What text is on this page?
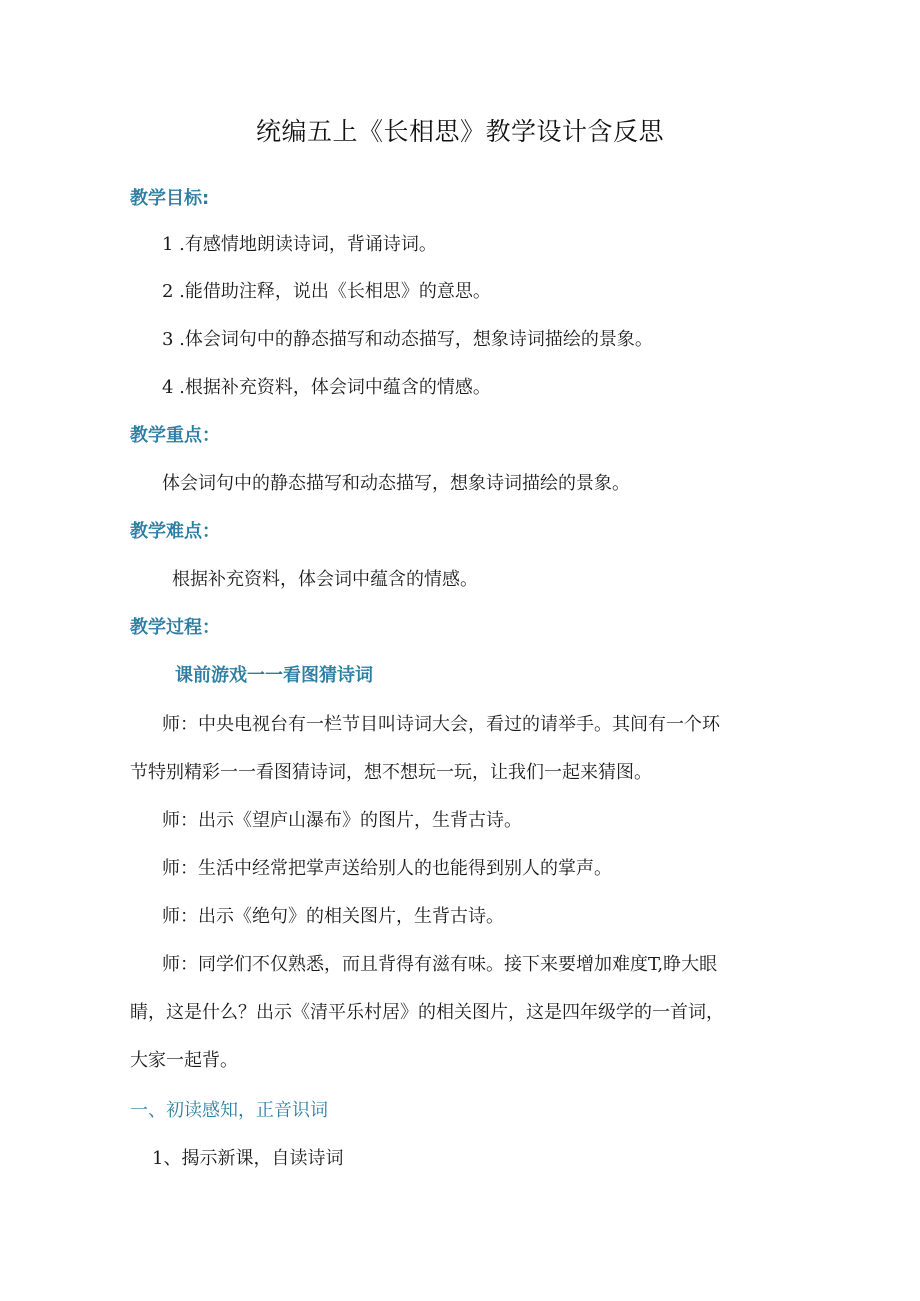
统编五上《长相思》教学设计含反思
教学目标:
1 .有感情地朗读诗词，背诵诗词。
2 .能借助注释，说出《长相思》的意思。
3 .体会词句中的静态描写和动态描写，想象诗词描绘的景象。
4 .根据补充资料，体会词中蕴含的情感。
教学重点：
体会词句中的静态描写和动态描写，想象诗词描绘的景象。
教学难点：
根据补充资料，体会词中蕴含的情感。
教学过程：
课前游戏一一看图猜诗词
师：中央电视台有一栏节目叫诗词大会，看过的请举手。其间有一个环
节特别精彩一一看图猜诗词，想不想玩一玩，让我们一起来猜图。
师：出示《望庐山瀑布》的图片，生背古诗。
师：生活中经常把掌声送给别人的也能得到别人的掌声。
师：出示《绝句》的相关图片，生背古诗。
师：同学们不仅熟悉，而且背得有滋有味。接下来要增加难度T,睁大眼
睛，这是什么？出示《清平乐村居》的相关图片，这是四年级学的一首词，
大家一起背。
一、初读感知，正音识词
1、揭示新课，自读诗词
